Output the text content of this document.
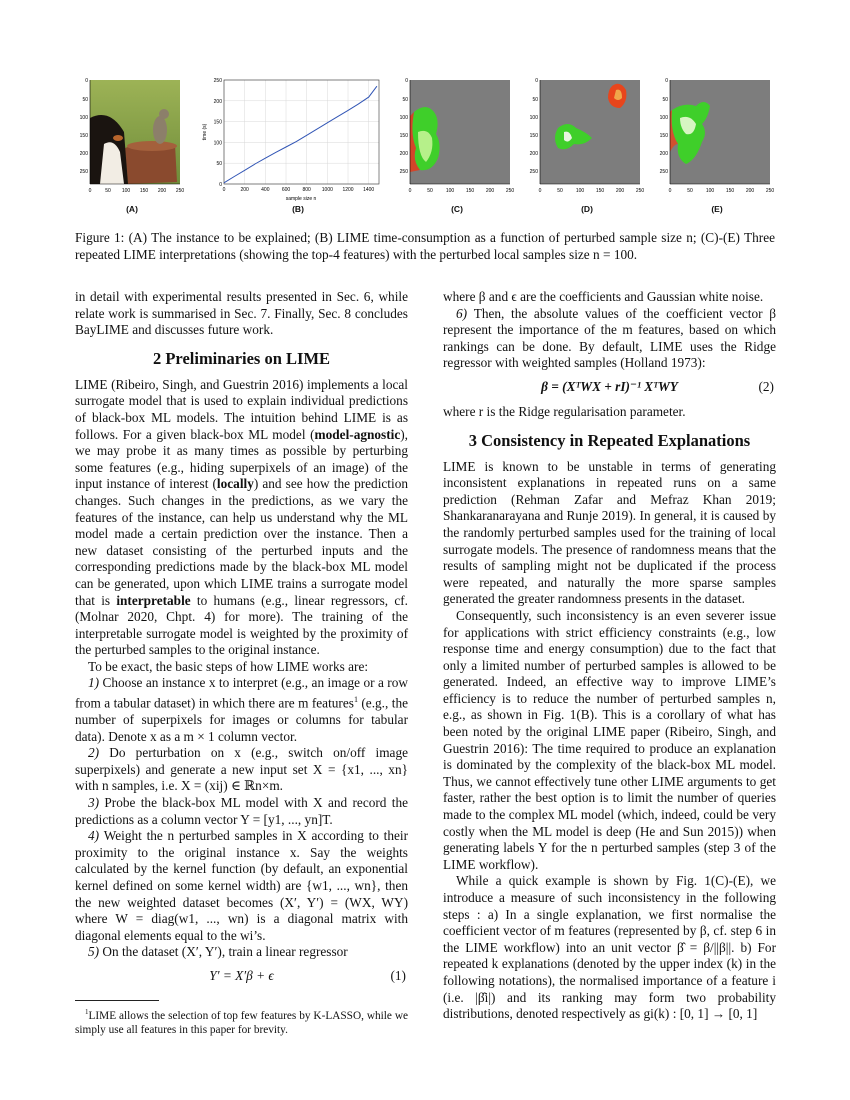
0
50
100
150
200
250
0	50 100 150 200 250
(A)
0	200 400 600 800 1000 1200 1400
0
50
100
150
200
250
sample size n
time (s)
(B)
0
50
100
150
200
250
0	50	100 150 200 250
(C)
0
50
100
150
200
250
0	50	100 150 200 250
(D)
0
50
100
150
200
250
0	50	100 150 200 250
(E)
Figure 1: (A) The instance to be explained; (B) LIME time-consumption as a function of perturbed sample size n; (C)-(E) Three repeated LIME interpretations (showing the top-4 features) with the perturbed local samples size n = 100.

in detail with experimental results presented in Sec. 6, while relate work is summarised in Sec. 7. Finally, Sec. 8 concludes BayLIME and discusses future work.

2 Preliminaries on LIME

LIME (Ribeiro, Singh, and Guestrin 2016) implements a local surrogate model that is used to explain individual predictions of black-box ML models. The intuition behind LIME is as follows. For a given black-box ML model (model-agnostic), we may probe it as many times as possible by perturbing some features (e.g., hiding superpixels of an image) of the input instance of interest (locally) and see how the prediction changes. Such changes in the predictions, as we vary the features of the instance, can help us understand why the ML model made a certain prediction over the instance. Then a new dataset consisting of the perturbed inputs and the corresponding predictions made by the black-box ML model can be generated, upon which LIME trains a surrogate model that is interpretable to humans (e.g., linear regressors, cf. (Molnar 2020, Chpt. 4) for more). The training of the interpretable surrogate model is weighted by the proximity of the perturbed samples to the original instance.

To be exact, the basic steps of how LIME works are:

1) Choose an instance x to interpret (e.g., an image or a row from a tabular dataset) in which there are m features$^1$ (e.g., the number of superpixels for images or columns for tabular data). Denote x as a m × 1 column vector.

2) Do perturbation on x (e.g., switch on/off image superpixels) and generate a new input set X = {x1, ..., xn} with n samples, i.e. X = (xij) ∈ ℝn×m.

3) Probe the black-box ML model with X and record the predictions as a column vector Y = [y1, ..., yn]T.

4) Weight the n perturbed samples in X according to their proximity to the original instance x. Say the weights calculated by the kernel function (by default, an exponential kernel defined on some kernel width) are {w1, ..., wn}, then the new weighted dataset becomes (X′, Y′) = (WX, WY) where W = diag(w1, ..., wn) is a diagonal matrix with diagonal elements equal to the wi’s.

5) On the dataset (X′, Y′), train a linear regressor

Y′ = X′β + ϵ	(1)

$^1$LIME allows the selection of top few features by K-LASSO, while we simply use all features in this paper for brevity.

where β and ϵ are the coefficients and Gaussian white noise.

6) Then, the absolute values of the coefficient vector β represent the importance of the m features, based on which rankings can be done. By default, LIME uses the Ridge regressor with weighted samples (Holland 1973):

β = (XᵀWX + rI)⁻¹ XᵀWY	(2)

where r is the Ridge regularisation parameter.

3 Consistency in Repeated Explanations

LIME is known to be unstable in terms of generating inconsistent explanations in repeated runs on a same prediction (Rehman Zafar and Mefraz Khan 2019; Shankaranarayana and Runje 2019). In general, it is caused by the randomly perturbed samples used for the training of local surrogate models. The presence of randomness means that the results of sampling might not be duplicated if the process were repeated, and naturally the more sparse samples generated the greater randomness presents in the dataset.

Consequently, such inconsistency is an even severer issue for applications with strict efficiency constraints (e.g., low response time and energy consumption) due to the fact that only a limited number of perturbed samples is allowed to be generated. Indeed, an effective way to improve LIME’s efficiency is to reduce the number of perturbed samples n, e.g., as shown in Fig. 1(B). This is a corollary of what has been noted by the original LIME paper (Ribeiro, Singh, and Guestrin 2016): The time required to produce an explanation is dominated by the complexity of the black-box ML model. Thus, we cannot effectively tune other LIME arguments to get faster, rather the best option is to limit the number of queries made to the complex ML model (which, indeed, could be very costly when the ML model is deep (He and Sun 2015)) when generating labels Y for the n perturbed samples (step 3 of the LIME workflow).

While a quick example is shown by Fig. 1(C)-(E), we introduce a measure of such inconsistency in the following steps : a) In a single explanation, we first normalise the coefficient vector of m features (represented by β, cf. step 6 in the LIME workflow) into an unit vector β̂ = β/||β||. b) For repeated k explanations (denoted by the upper index (k) in the following notations), the normalised importance of a feature i (i.e. |β̂i|) and its ranking may form two probability distributions, denoted respectively as gi(k) : [0, 1] → [0, 1]
